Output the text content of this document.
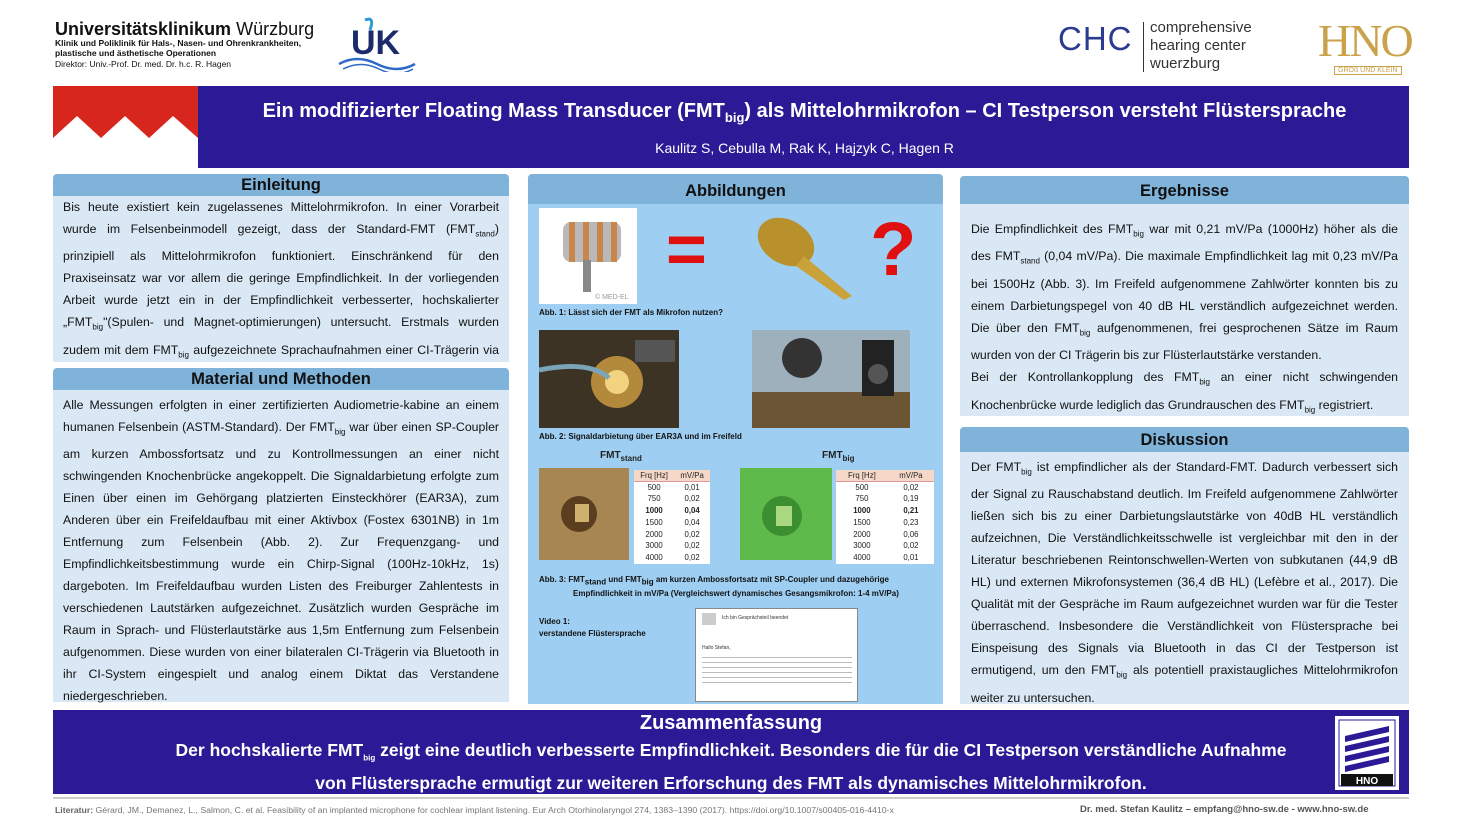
Universitätsklinikum Würzburg
Klinik und Poliklinik für Hals-, Nasen- und Ohrenkrankheiten,
plastische und ästhetische Operationen
Direktor: Univ.-Prof. Dr. med. Dr. h.c. R. Hagen
UK	CHC comprehensive
hearing center
wuerzburg	HNO
GROß UND KLEIN
Ein modifizierter Floating Mass Transducer $(FMT_{big})$ als Mittelohrmikrofon – CI Testperson versteht Flüstersprache
Kaulitz S, Cebulla M, Rak K, Hajzyk C, Hagen R
Einleitung
Bis heute existiert kein zugelassenes Mittelohrmikrofon. In einer Vorarbeit wurde im Felsenbeinmodell gezeigt, dass der Standard-FMT $(FMT_{stand})$ prinzipiell als Mittelohrmikrofon funktioniert. Einschränkend für den Praxiseinsatz war vor allem die geringe Empfindlichkeit. In der vorliegenden Arbeit wurde jetzt ein in der Empfindlichkeit verbesserter, hochskalierter $„FMT_{big}"(Spulen-$ und Magnet-optimierungen) untersucht. Erstmals wurden zudem mit dem $FMT_{big}$ aufgezeichnete Sprachaufnahmen einer CI-Trägerin via
Material und Methoden
Alle Messungen erfolgten in einer zertifizierten Audiometrie-kabine an einem humanen Felsenbein (ASTM-Standard). Der $FMT_{big}$ war über einen SP-Coupler am kurzen Ambossfortsatz und zu Kontrollmessungen an einer nicht schwingenden Knochenbrücke angekoppelt. Die Signaldarbietung erfolgte zum Einen über einen im Gehörgang platzierten Einsteckhörer (EAR3A), zum Anderen über ein Freifeldaufbau mit einer Aktivbox (Fostex 6301NB) in 1m Entfernung zum Felsenbein (Abb. 2). Zur Frequenzgang- und Empfindlichkeitsbestimmung wurde ein Chirp-Signal (100Hz-10kHz, 1s) dargeboten. Im Freifeldaufbau wurden Listen des Freiburger Zahlentests in verschiedenen Lautstärken aufgezeichnet. Zusätzlich wurden Gespräche im Raum in Sprach- und Flüsterlautstärke aus 1,5m Entfernung zum Felsenbein aufgenommen. Diese wurden von einer bilateralen CI-Trägerin via Bluetooth in ihr CI-System eingespielt und analog einem Diktat das Verstandene niedergeschrieben.
Abbildungen
© MED-EL
= ?
Abb. 1: Lässt sich der FMT als Mikrofon nutzen?
Abb. 2: Signaldarbietung über EAR3A und im Freifeld
$FMT_{stand}$	$FMT_{big}$
Frq [Hz]	mV/Pa
500	0,01
750	0,02
1000	0,04
1500	0,04
2000	0,02
3000	0,02
4000	0,02
Frq [Hz]	mV/Pa
500	0,02
750	0,19
1000	0,21
1500	0,23
2000	0,06
3000	0,02
4000	0,01
Abb. 3: $FMT_{stand}$ und $FMT_{big}$ am kurzen Ambossfortsatz mit SP-Coupler und dazugehörige
Empfindlichkeit in mV/Pa (Vergleichswert dynamisches Gesangsmikrofon: 1-4 mV/Pa)
Video 1:
verstandene Flüstersprache
Ich bin Gesprächsteil beendet
Hallo Stefan,
Ergebnisse
Die Empfindlichkeit des $FMT_{big}$ war mit 0,21 mV/Pa (1000Hz) höher als die des $FMT_{stand}$ (0,04 mV/Pa). Die maximale Empfindlichkeit lag mit 0,23 mV/Pa bei 1500Hz (Abb. 3). Im Freifeld aufgenommene Zahlwörter konnten bis zu einem Darbietungspegel von 40 dB HL verständlich aufgezeichnet werden. Die über den $FMT_{big}$ aufgenommenen, frei gesprochenen Sätze im Raum wurden von der CI Trägerin bis zur Flüsterlautstärke verstanden.
Bei der Kontrollankopplung des $FMT_{big}$ an einer nicht schwingenden Knochenbrücke wurde lediglich das Grundrauschen des $FMT_{big}$ registriert.
Diskussion
Der $FMT_{big}$ ist empfindlicher als der Standard-FMT. Dadurch verbessert sich der Signal zu Rauschabstand deutlich. Im Freifeld aufgenommene Zahlwörter ließen sich bis zu einer Darbietungslautstärke von 40dB HL verständlich aufzeichnen, Die Verständlichkeitsschwelle ist vergleichbar mit den in der Literatur beschriebenen Reintonschwellen-Werten von subkutanen (44,9 dB HL) und externen Mikrofonsystemen (36,4 dB HL) (Lefèbre et al., 2017). Die Qualität mit der Gespräche im Raum aufgezeichnet wurden war für die Tester überraschend. Insbesondere die Verständlichkeit von Flüstersprache bei Einspeisung des Signals via Bluetooth in das CI der Testperson ist ermutigend, um den $FMT_{big}$ als potentiell praxistaugliches Mittelohrmikrofon weiter zu untersuchen.
Zusammenfassung
Der hochskalierte $FMT_{big}$ zeigt eine deutlich verbesserte Empfindlichkeit. Besonders die für die CI Testperson verständliche Aufnahme
von Flüstersprache ermutigt zur weiteren Erforschung des FMT als dynamisches Mittelohrmikrofon.	HNO
Literatur: Gérard, JM., Demanez, L., Salmon, C. et al. Feasibility of an implanted microphone for cochlear implant listening. Eur Arch Otorhinolaryngol 274, 1383–1390 (2017). https://doi.org/10.1007/s00405-016-4410-x	Dr. med. Stefan Kaulitz – empfang@hno-sw.de - www.hno-sw.de
